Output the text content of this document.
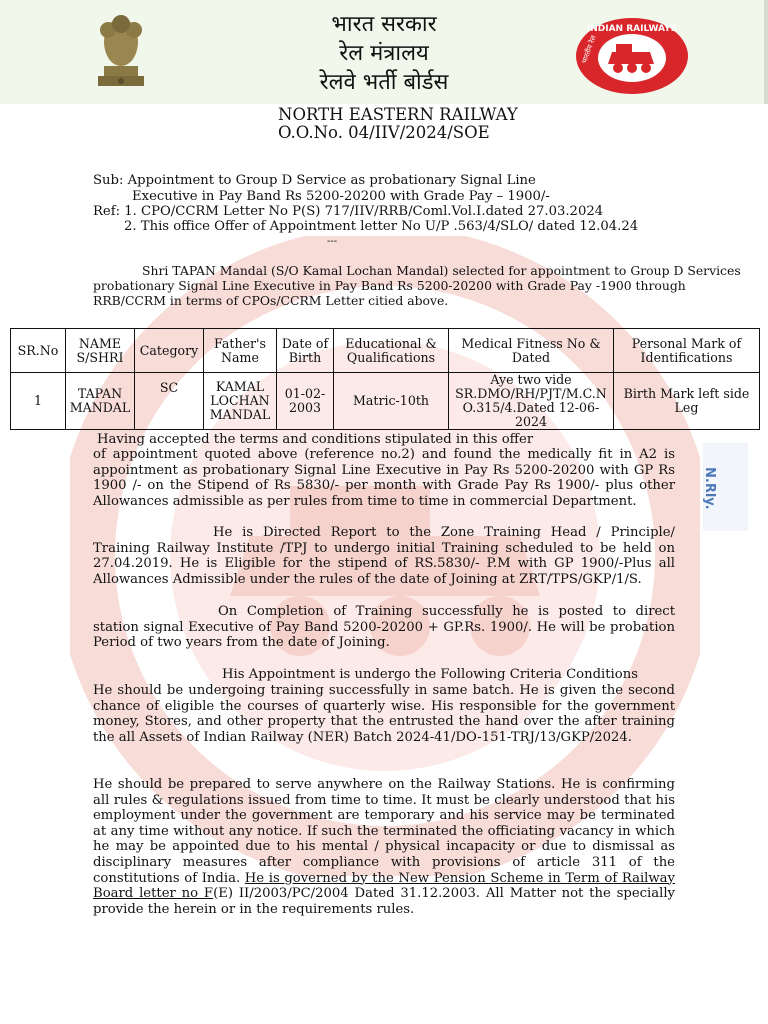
भारत सरकार
रेल मंत्रालय
रेलवे भर्ती बोर्डस
INDIAN RAILWAYS
भारतीय रेल
NORTH EASTERN RAILWAY
O.O.No. 04/IIV/2024/SOE
Sub: Appointment to Group D Service as probationary Signal Line
Executive in Pay Band Rs 5200-20200 with Grade Pay – 1900/-
Ref: 1. CPO/CCRM Letter No P(S) 717/IIV/RRB/Coml.Vol.I.dated 27.03.2024
2. This office Offer of Appointment letter No U/P .563/4/SLO/ dated 12.04.24
---
Shri TAPAN Mandal (S/O Kamal Lochan Mandal) selected for appointment to Group D Services
probationary Signal Line Executive in Pay Band Rs 5200-20200 with Grade Pay -1900 through
RRB/CCRM in terms of CPOs/CCRM Letter citied above.
SR.No	NAME S/SHRI	Category	Father's Name	Date of Birth	Educational & Qualifications	Medical Fitness No & Dated	Personal Mark of Identifications
1	TAPAN MANDAL	SC	KAMAL LOCHAN MANDAL	01-02-2003	Matric-10th	Aye two vide SR.DMO/RH/PJT/M.C.N O.315/4.Dated 12-06-2024	Birth Mark left side Leg
Having accepted the terms and conditions stipulated in this offer
of appointment quoted above (reference no.2) and found the medically fit in A2 is appointment as probationary Signal Line Executive in Pay Rs 5200-20200 with GP Rs 1900 /- on the Stipend of Rs 5830/- per month with Grade Pay Rs 1900/- plus other Allowances admissible as per rules from time to time in commercial Department.
He is Directed Report to the Zone Training Head / Principle/ Training Railway Institute /TPJ to undergo initial Training scheduled to be held on 27.04.2019. He is Eligible for the stipend of RS.5830/- P.M with GP 1900/-Plus all Allowances Admissible under the rules of the date of Joining at ZRT/TPS/GKP/1/S.
On Completion of Training successfully he is posted to direct station signal Executive of Pay Band 5200-20200 + GP.Rs. 1900/. He will be probation Period of two years from the date of Joining.
His Appointment is undergo the Following Criteria Conditions
He should be undergoing training successfully in same batch. He is given the second chance of eligible the courses of quarterly wise. His responsible for the government money, Stores, and other property that the entrusted the hand over the after training the all Assets of Indian Railway (NER) Batch 2024-41/DO-151-TRJ/13/GKP/2024.
He should be prepared to serve anywhere on the Railway Stations. He is confirming all rules & regulations issued from time to time. It must be clearly understood that his employment under the government are temporary and his service may be terminated at any time without any notice. If such the terminated the officiating vacancy in which he may be appointed due to his mental / physical incapacity or due to dismissal as disciplinary measures after compliance with provisions of article 311 of the constitutions of India. He is governed by the New Pension Scheme in Term of Railway Board letter no F(E) II/2003/PC/2004 Dated 31.12.2003. All Matter not the specially provide the herein or in the requirements rules.
N.Rly.
